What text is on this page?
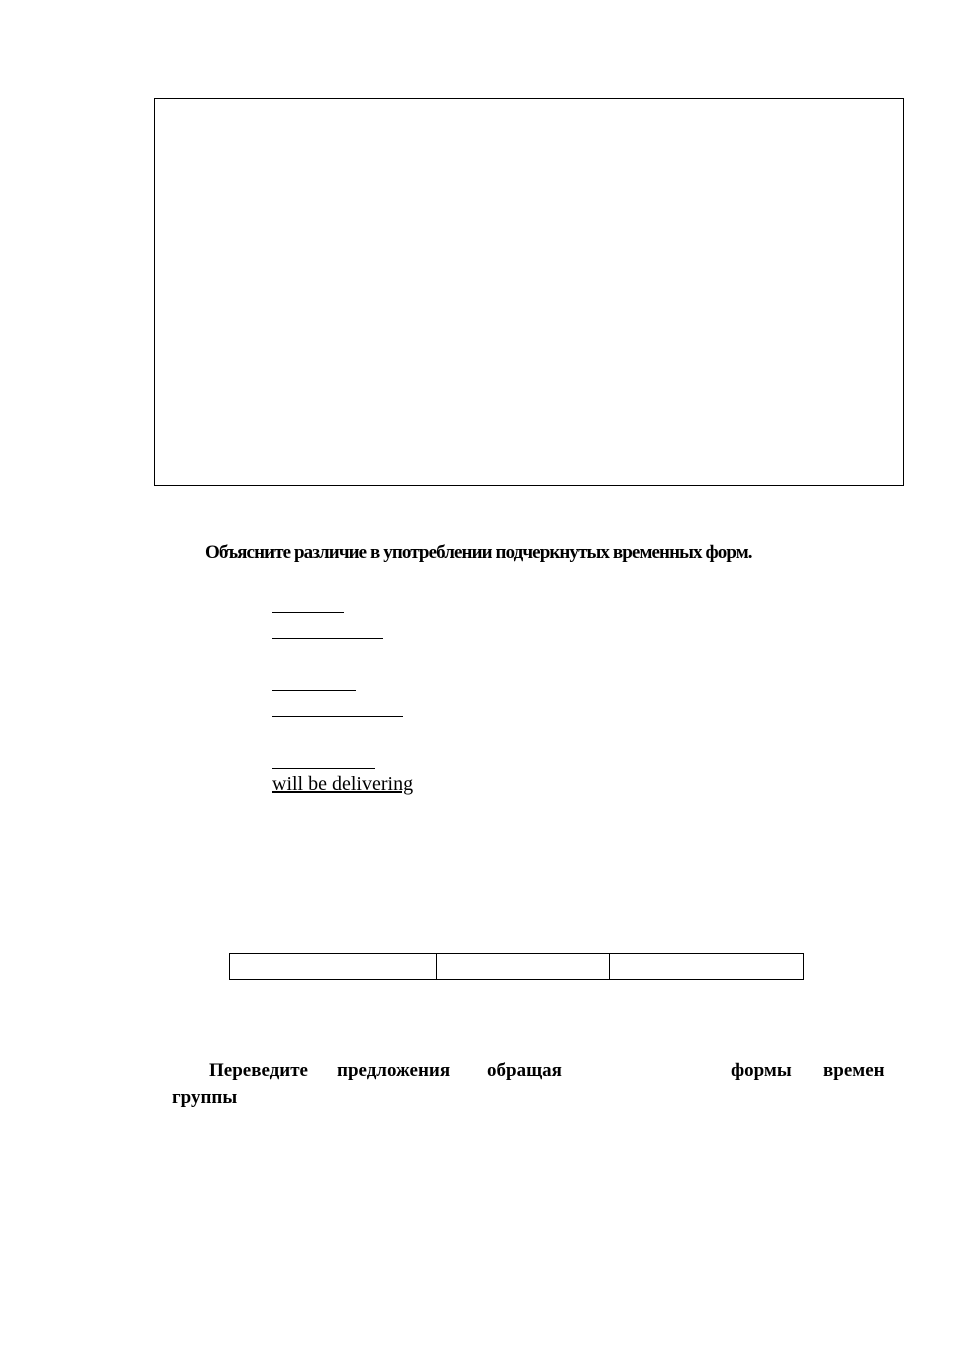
Объясните различие в употреблении подчеркнутых временных форм.
will be delivering

Переведите предложения обращая	формы времен
группы
